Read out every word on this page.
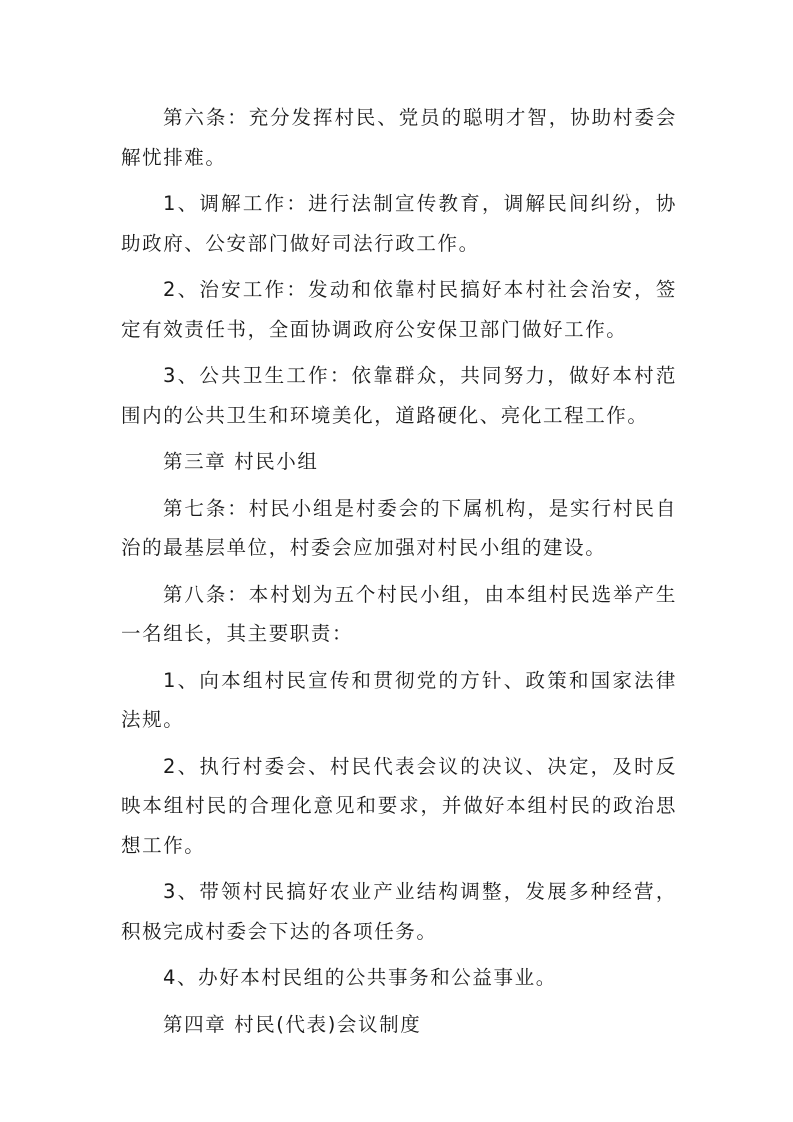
第六条：充分发挥村民、党员的聪明才智，协助村委会解忧排难。

1、调解工作：进行法制宣传教育，调解民间纠纷，协助政府、公安部门做好司法行政工作。

2、治安工作：发动和依靠村民搞好本村社会治安，签定有效责任书，全面协调政府公安保卫部门做好工作。

3、公共卫生工作：依靠群众，共同努力，做好本村范围内的公共卫生和环境美化，道路硬化、亮化工程工作。

第三章 村民小组

第七条：村民小组是村委会的下属机构，是实行村民自治的最基层单位，村委会应加强对村民小组的建设。

第八条：本村划为五个村民小组，由本组村民选举产生一名组长，其主要职责：

1、向本组村民宣传和贯彻党的方针、政策和国家法律法规。

2、执行村委会、村民代表会议的决议、决定，及时反映本组村民的合理化意见和要求，并做好本组村民的政治思想工作。

3、带领村民搞好农业产业结构调整，发展多种经营，积极完成村委会下达的各项任务。

4、办好本村民组的公共事务和公益事业。

第四章 村民(代表)会议制度
